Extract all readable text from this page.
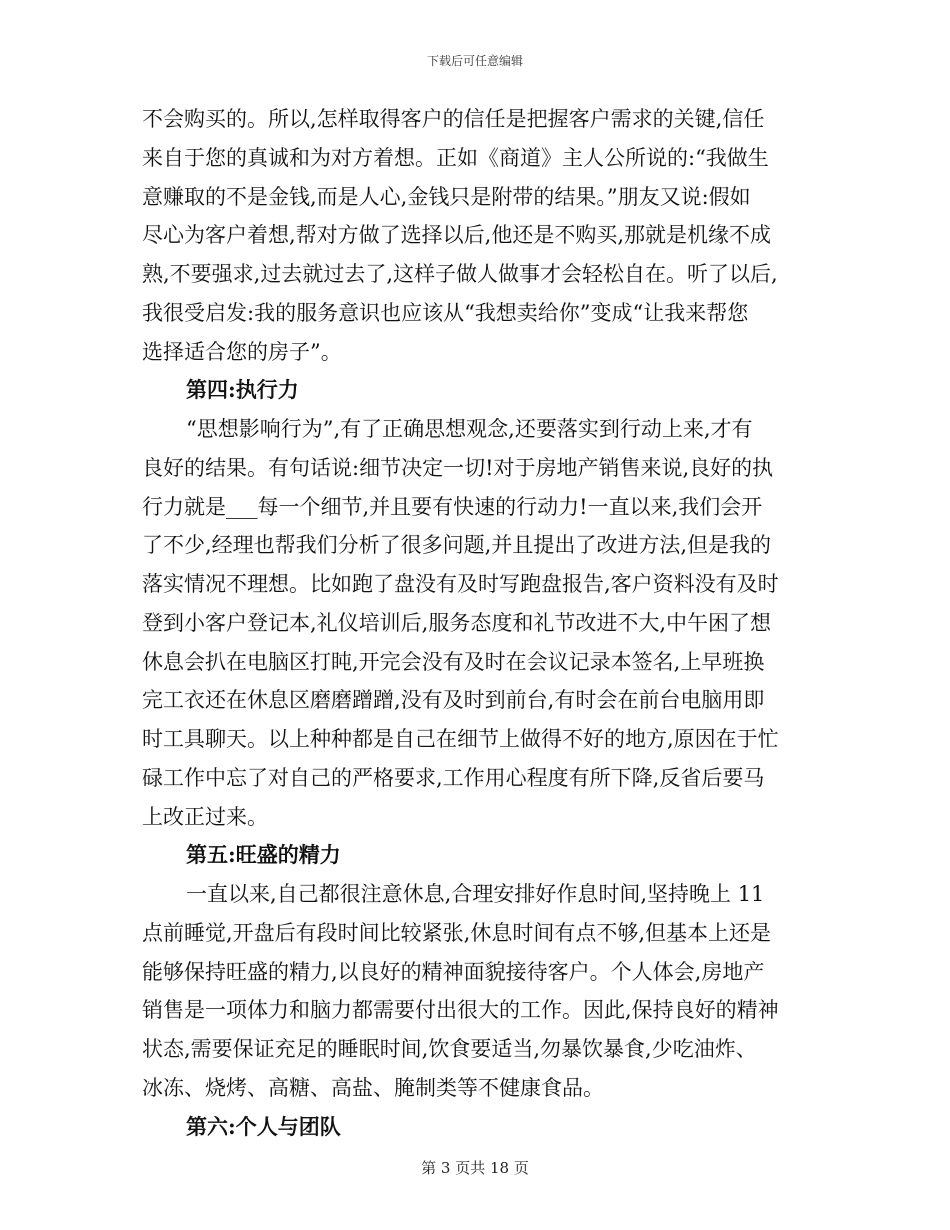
下载后可任意编辑
不会购买的。所以,怎样取得客户的信任是把握客户需求的关键,信任
来自于您的真诚和为对方着想。正如《商道》主人公所说的:“我做生
意赚取的不是金钱,而是人心,金钱只是附带的结果。”朋友又说:假如
尽心为客户着想,帮对方做了选择以后,他还是不购买,那就是机缘不成
熟,不要强求,过去就过去了,这样子做人做事才会轻松自在。听了以后,
我很受启发:我的服务意识也应该从“我想卖给你”变成“让我来帮您
选择适合您的房子”。
第四:执行力
“思想影响行为”,有了正确思想观念,还要落实到行动上来,才有
良好的结果。有句话说:细节决定一切!对于房地产销售来说,良好的执
行力就是___每一个细节,并且要有快速的行动力!一直以来,我们会开
了不少,经理也帮我们分析了很多问题,并且提出了改进方法,但是我的
落实情况不理想。比如跑了盘没有及时写跑盘报告,客户资料没有及时
登到小客户登记本,礼仪培训后,服务态度和礼节改进不大,中午困了想
休息会扒在电脑区打盹,开完会没有及时在会议记录本签名,上早班换
完工衣还在休息区磨磨蹭蹭,没有及时到前台,有时会在前台电脑用即
时工具聊天。以上种种都是自己在细节上做得不好的地方,原因在于忙
碌工作中忘了对自己的严格要求,工作用心程度有所下降,反省后要马
上改正过来。
第五:旺盛的精力
一直以来,自己都很注意休息,合理安排好作息时间,坚持晚上 11
点前睡觉,开盘后有段时间比较紧张,休息时间有点不够,但基本上还是
能够保持旺盛的精力,以良好的精神面貌接待客户。个人体会,房地产
销售是一项体力和脑力都需要付出很大的工作。因此,保持良好的精神
状态,需要保证充足的睡眠时间,饮食要适当,勿暴饮暴食,少吃油炸、
冰冻、烧烤、高糖、高盐、腌制类等不健康食品。
第六:个人与团队
第 3 页共 18 页
